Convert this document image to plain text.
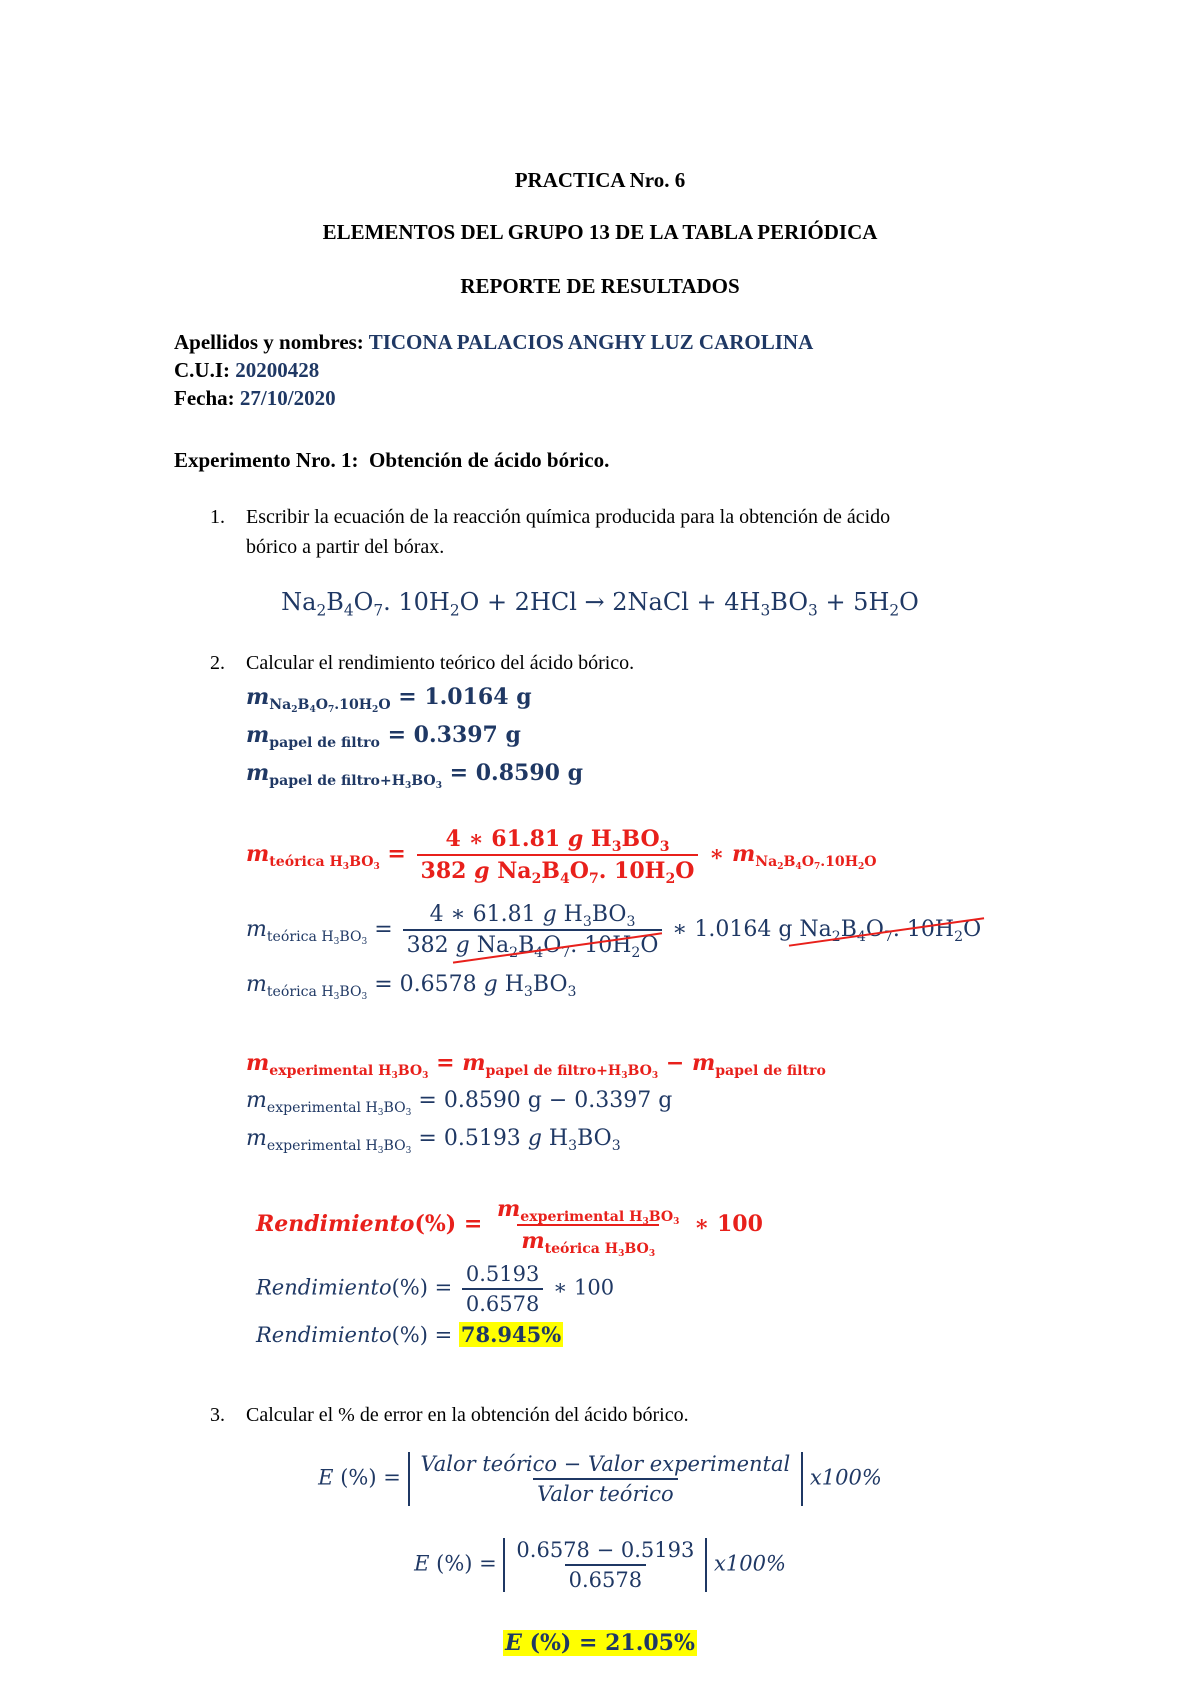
PRACTICA Nro. 6
ELEMENTOS DEL GRUPO 13 DE LA TABLA PERIÓDICA
REPORTE DE RESULTADOS
Apellidos y nombres: TICONA PALACIOS ANGHY LUZ CAROLINA
C.U.I: 20200428
Fecha: 27/10/2020
Experimento Nro. 1: Obtención de ácido bórico.
1. Escribir la ecuación de la reacción química producida para la obtención de ácido
bórico a partir del bórax.
$Na_2B_4O_7$. $10H_2O + 2HCl$ → 2NaCl + $4H_3BO_3 + 5H_2O$
2. Calcular el rendimiento teórico del ácido bórico.
$m_{Na_2B_4O_7.10H_2O} = 1.0164$ g
$m_{papel de filtro} = 0.3397$ g
$m_{papel de filtro+H_3BO_3} = 0.8590$ g
$m_{teórica H_3BO_3} = \frac{4 ∗ 61.81 g H_3BO_3}{382 g Na_2B_4O_7. 10H_2O}$ ∗ $m_{Na_2B_4O_7.10H_2O}$
$m_{teórica H_3BO_3} = \frac{4 ∗ 61.81 g H_3BO_3}{382 g Na_2B_4O_7. 10H_2O}$ ∗ 1.0164 g $Na_2B_4O_7$. $10H_2O$
$m_{teórica H_3BO_3} = 0.6578$ g $H_3BO_3$
$m_{experimental H_3BO_3} = m_{papel de filtro+H_3BO_3} - m_{papel de filtro}$
$m_{experimental H_3BO_3} = 0.8590$ g − 0.3397 g
$m_{experimental H_3BO_3} = 0.5193$ g $H_3BO_3$
Rendimiento(%) = $\frac{m_{experimental H_3BO_3}}{m_{teórica H_3BO_3}}$ ∗ 100
Rendimiento(%) = $\frac{0.5193}{0.6578}$ ∗ 100
Rendimiento(%) = 78.945%
3. Calcular el % de error en la obtención del ácido bórico.
E (%) = $\frac{\text{Valor teórico − Valor experimental}}{\text{Valor teórico}} x100\%$
E (%) = $\frac{0.6578 - 0.5193}{0.6578} x100\%$
E (%) = 21.05%
